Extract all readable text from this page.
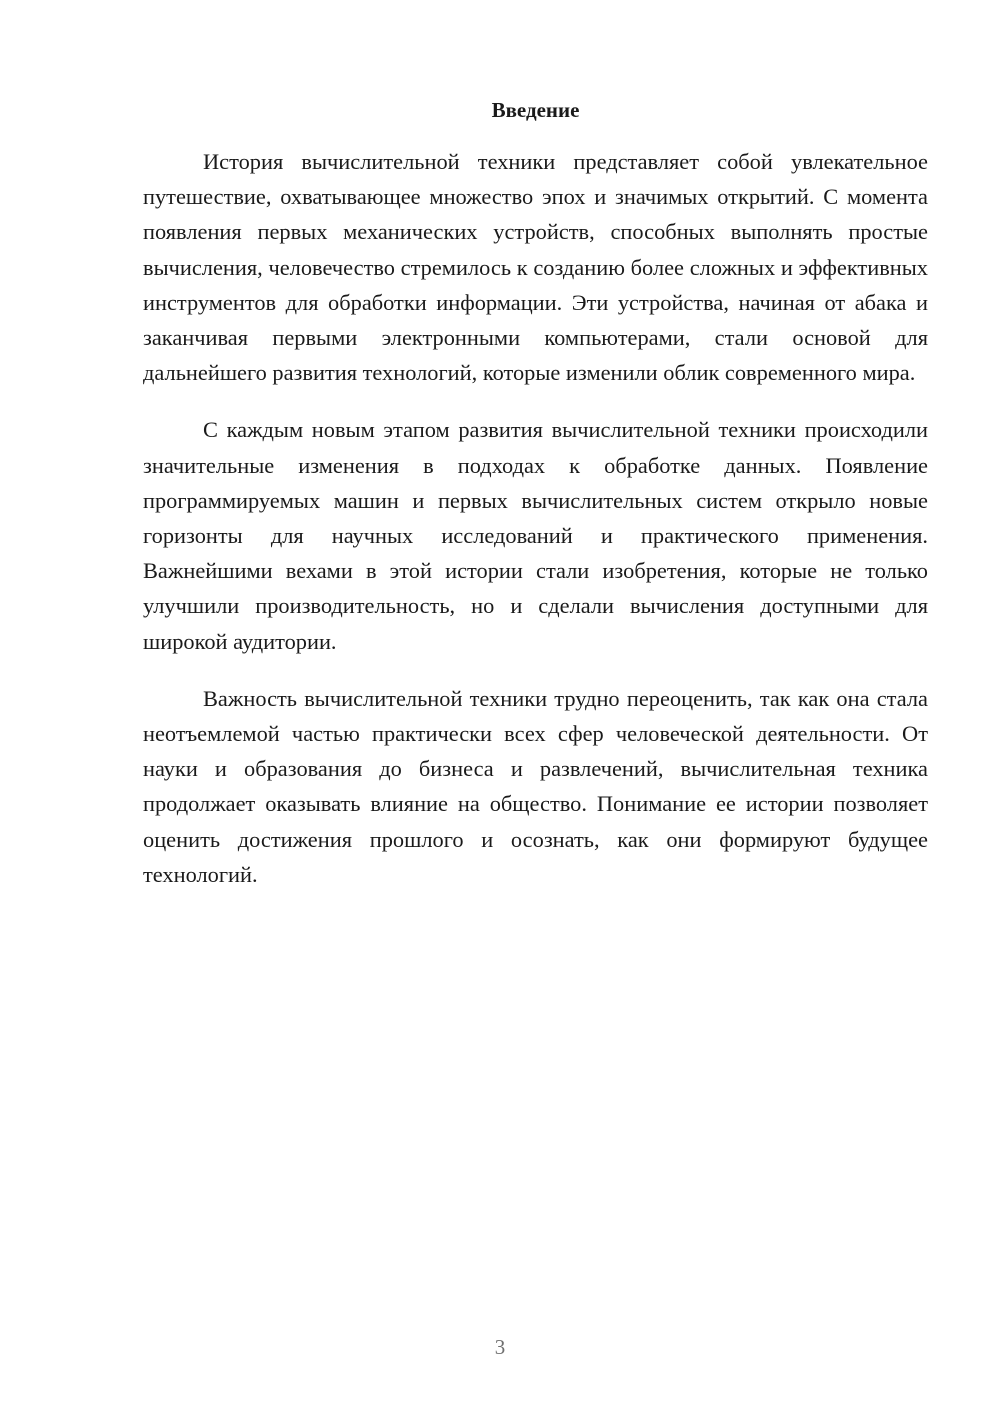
Введение

История вычислительной техники представляет собой увлекательное путешествие, охватывающее множество эпох и значимых открытий. С момента появления первых механических устройств, способных выполнять простые вычисления, человечество стремилось к созданию более сложных и эффективных инструментов для обработки информации. Эти устройства, начиная от абака и заканчивая первыми электронными компьютерами, стали основой для дальнейшего развития технологий, которые изменили облик современного мира.

С каждым новым этапом развития вычислительной техники происходили значительные изменения в подходах к обработке данных. Появление программируемых машин и первых вычислительных систем открыло новые горизонты для научных исследований и практического применения. Важнейшими вехами в этой истории стали изобретения, которые не только улучшили производительность, но и сделали вычисления доступными для широкой аудитории.

Важность вычислительной техники трудно переоценить, так как она стала неотъемлемой частью практически всех сфер человеческой деятельности. От науки и образования до бизнеса и развлечений, вычислительная техника продолжает оказывать влияние на общество. Понимание ее истории позволяет оценить достижения прошлого и осознать, как они формируют будущее технологий.

3
